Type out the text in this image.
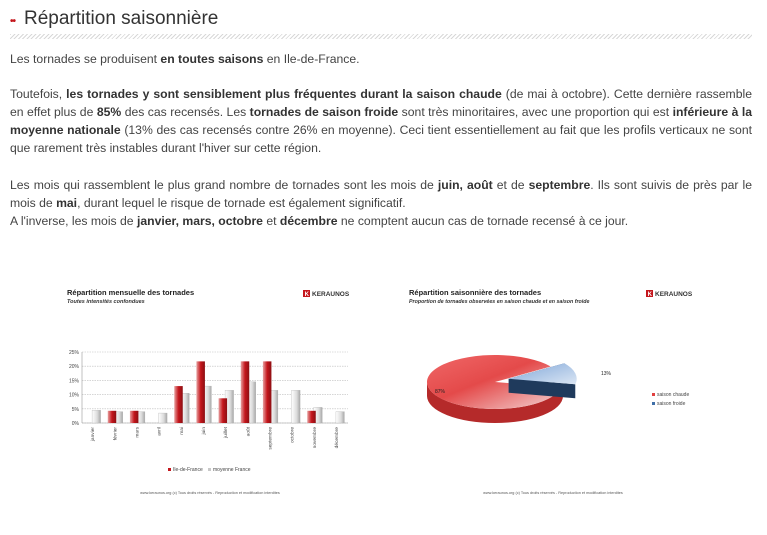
•• Répartition saisonnière

Les tornades se produisent en toutes saisons en Ile-de-France.

Toutefois, les tornades y sont sensiblement plus fréquentes durant la saison chaude (de mai à octobre). Cette dernière rassemble en effet plus de 85% des cas recensés. Les tornades de saison froide sont très minoritaires, avec une proportion qui est inférieure à la moyenne nationale (13% des cas recensés contre 26% en moyenne). Ceci tient essentiellement au fait que les profils verticaux ne sont que rarement très instables durant l'hiver sur cette région.

Les mois qui rassemblent le plus grand nombre de tornades sont les mois de juin, août et de septembre. Ils sont suivis de près par le mois de mai, durant lequel le risque de tornade est également significatif.
A l'inverse, les mois de janvier, mars, octobre et décembre ne comptent aucun cas de tornade recensé à ce jour.

Répartition mensuelle des tornades
Toutes intensités confondues
K KERAUNOS
0%
5%
10%
15%
20%
25%
janvier	février	mars	avril	mai	juin	juillet	août	septembre	octobre	novembre	décembre
Ile-de-France moyenne France
www.keraunos.org (c) Tous droits réservés - Reproduction et modification interdites
Répartition saisonnière des tornades
Proportion de tornades observées en saison chaude et en saison froide
K KERAUNOS
87%
13%
saison chaude
saison froide
www.keraunos.org (c) Tous droits réservés - Reproduction et modification interdites
